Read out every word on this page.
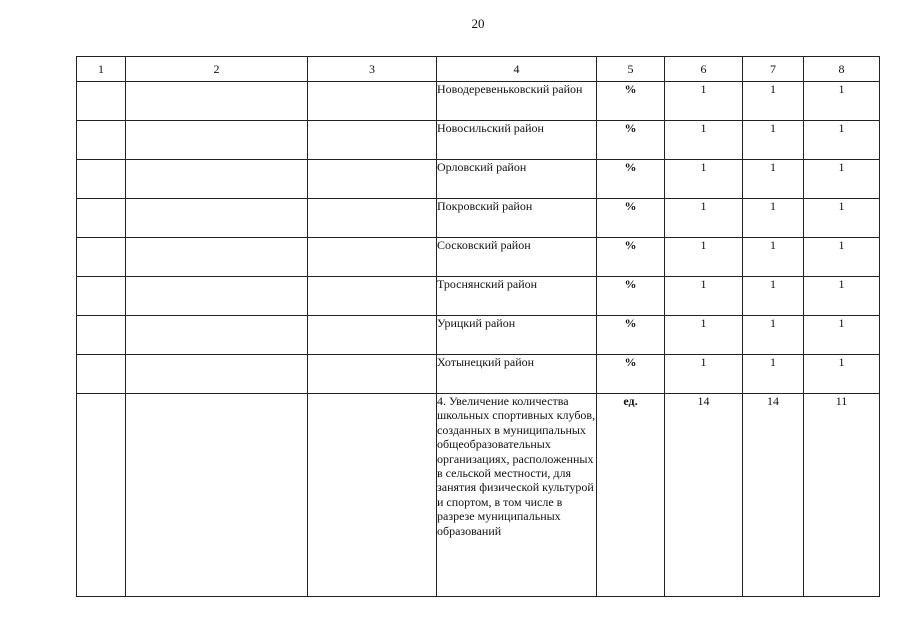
20
1	2	3	4	5	6	7	8
			Новодеревеньковский район	%	1	1	1
			Новосильский район	%	1	1	1
			Орловский район	%	1	1	1
			Покровский район	%	1	1	1
			Сосковский район	%	1	1	1
			Троснянский район	%	1	1	1
			Урицкий район	%	1	1	1
			Хотынецкий район	%	1	1	1
			4. Увеличение количества школьных спортивных клубов, созданных в муниципальных общеобразовательных организациях, расположенных в сельской местности, для занятия физической культурой и спортом, в том числе в разрезе муниципальных образований	ед.	14	14	11
